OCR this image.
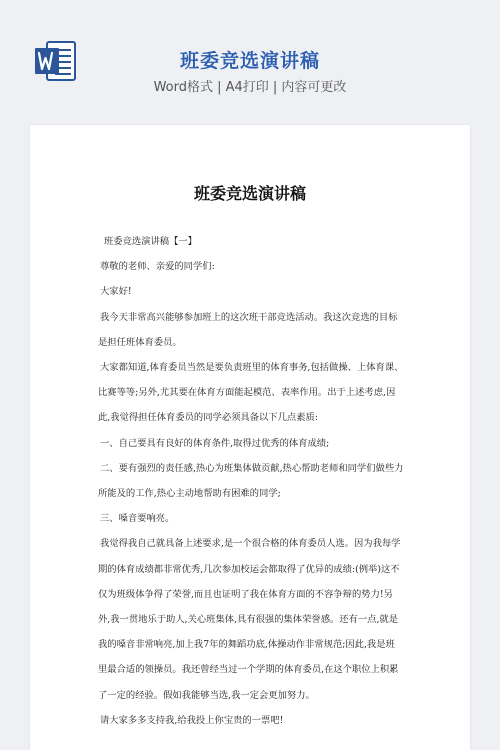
班委竞选演讲稿
Word格式 | A4打印 | 内容可更改
班委竞选演讲稿

班委竞选演讲稿【一】

尊敬的老师、亲爱的同学们:

大家好!

我今天非常高兴能够参加班上的这次班干部竞选活动。我这次竞选的目标是担任班体育委员。

大家都知道,体育委员当然是要负责班里的体育事务,包括做操、上体育课、比赛等等;另外,尤其要在体育方面能起模范、表率作用。出于上述考虑,因此,我觉得担任体育委员的同学必须具备以下几点素质:

一、自己要具有良好的体育条件,取得过优秀的体育成绩;

二、要有强烈的责任感,热心为班集体做贡献,热心帮助老师和同学们做些力所能及的工作,热心主动地帮助有困难的同学;

三、嗓音要响亮。

我觉得我自己就具备上述要求,是一个很合格的体育委员人选。因为我每学期的体育成绩都非常优秀,几次参加校运会都取得了优异的成绩:(例举)这不仅为班级体争得了荣誉,而且也证明了我在体育方面的不容争辩的势力!另外,我一贯地乐于助人,关心班集体,具有很强的集体荣誉感。还有一点,就是我的嗓音非常响亮,加上我7年的舞蹈功底,体操动作非常规范;因此,我是班里最合适的领操员。我还曾经当过一个学期的体育委员,在这个职位上积累了一定的经验。假如我能够当选,我一定会更加努力。

请大家多多支持我,给我投上你宝贵的一票吧!
